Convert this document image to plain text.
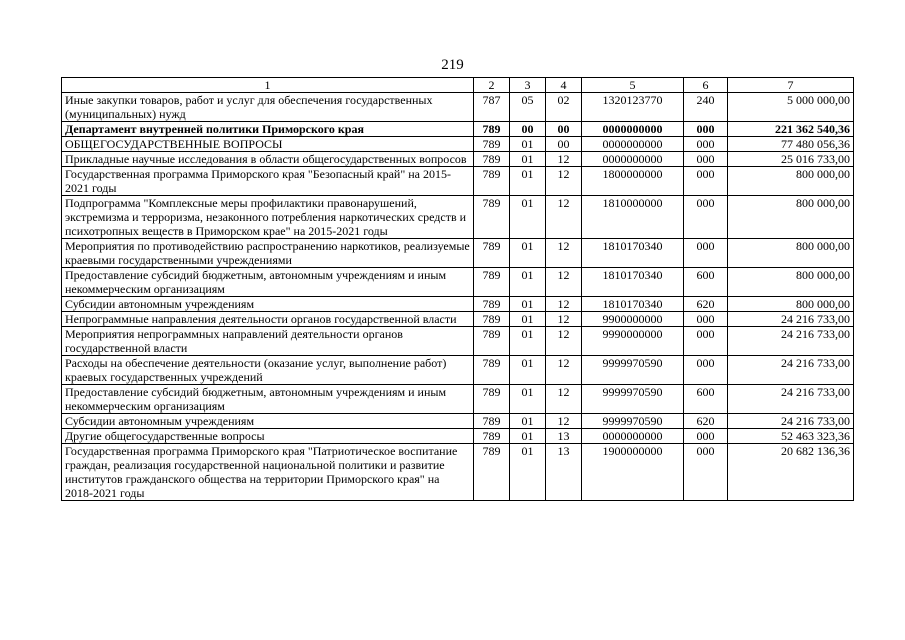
219
1	2	3	4	5	6	7
Иные закупки товаров, работ и услуг для обеспечения государственных (муниципальных) нужд	787	05	02	1320123770	240	5 000 000,00
Департамент внутренней политики Приморского края	789	00	00	0000000000	000	221 362 540,36
ОБЩЕГОСУДАРСТВЕННЫЕ ВОПРОСЫ	789	01	00	0000000000	000	77 480 056,36
Прикладные научные исследования в области общегосударственных вопросов	789	01	12	0000000000	000	25 016 733,00
Государственная программа Приморского края "Безопасный край" на 2015-2021 годы	789	01	12	1800000000	000	800 000,00
Подпрограмма "Комплексные меры профилактики правонарушений, экстремизма и терроризма, незаконного потребления наркотических средств и психотропных веществ в Приморском крае" на 2015-2021 годы	789	01	12	1810000000	000	800 000,00
Мероприятия по противодействию распространению наркотиков, реализуемые краевыми государственными учреждениями	789	01	12	1810170340	000	800 000,00
Предоставление субсидий бюджетным, автономным учреждениям и иным некоммерческим организациям	789	01	12	1810170340	600	800 000,00
Субсидии автономным учреждениям	789	01	12	1810170340	620	800 000,00
Непрограммные направления деятельности органов государственной власти	789	01	12	9900000000	000	24 216 733,00
Мероприятия непрограммных направлений деятельности органов государственной власти	789	01	12	9990000000	000	24 216 733,00
Расходы на обеспечение деятельности (оказание услуг, выполнение работ) краевых государственных учреждений	789	01	12	9999970590	000	24 216 733,00
Предоставление субсидий бюджетным, автономным учреждениям и иным некоммерческим организациям	789	01	12	9999970590	600	24 216 733,00
Субсидии автономным учреждениям	789	01	12	9999970590	620	24 216 733,00
Другие общегосударственные вопросы	789	01	13	0000000000	000	52 463 323,36
Государственная программа Приморского края "Патриотическое воспитание граждан, реализация государственной национальной политики и развитие институтов гражданского общества на территории Приморского края" на 2018-2021 годы	789	01	13	1900000000	000	20 682 136,36
